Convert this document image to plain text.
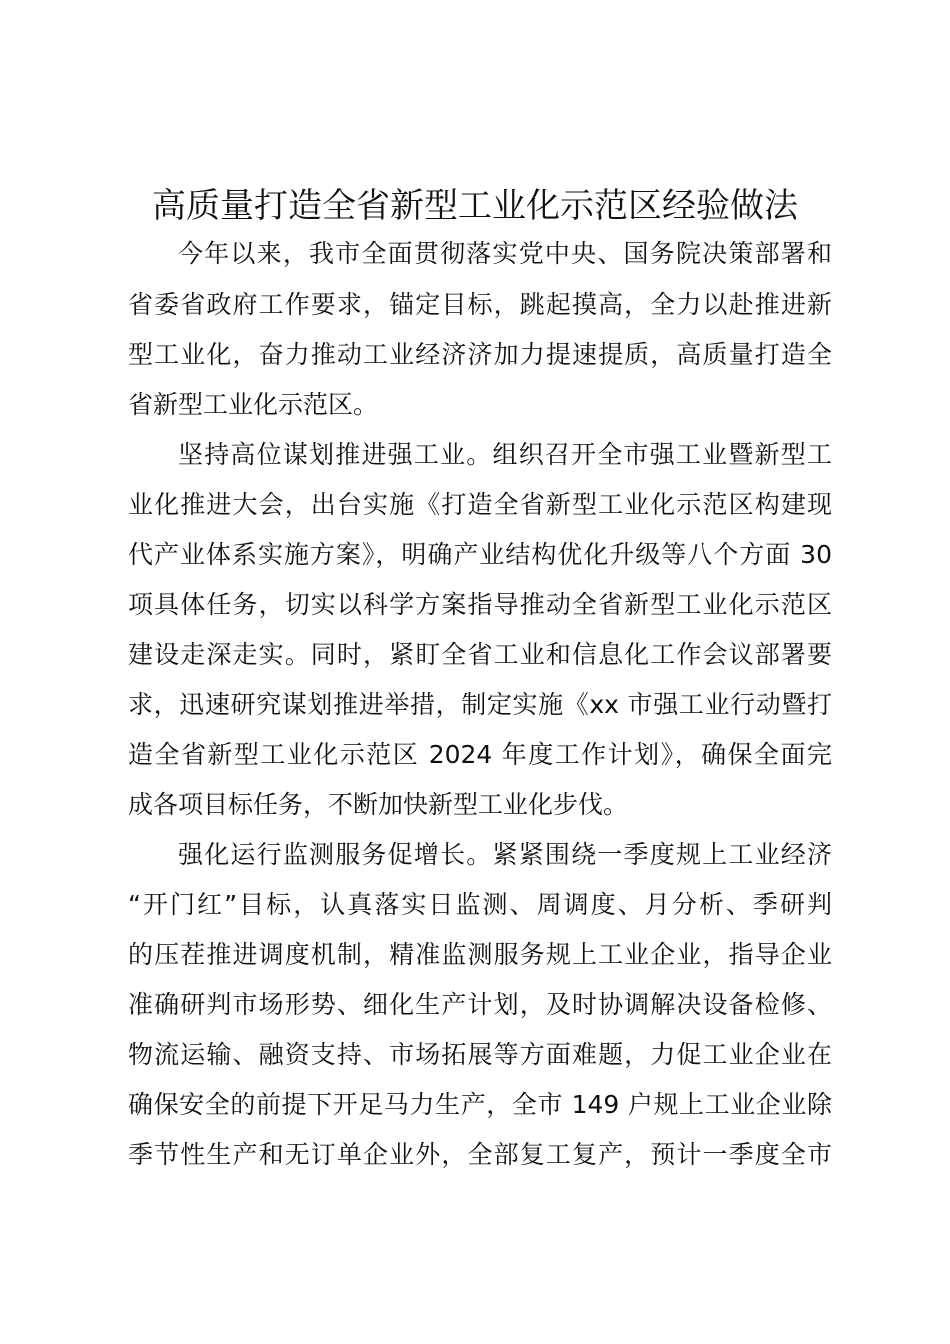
高质量打造全省新型工业化示范区经验做法

今年以来，我市全面贯彻落实党中央、国务院决策部署和

省委省政府工作要求，锚定目标，跳起摸高，全力以赴推进新

型工业化，奋力推动工业经济济加力提速提质，高质量打造全

省新型工业化示范区。

坚持高位谋划推进强工业。组织召开全市强工业暨新型工

业化推进大会，出台实施《打造全省新型工业化示范区构建现

代产业体系实施方案》，明确产业结构优化升级等八个方面 30

项具体任务，切实以科学方案指导推动全省新型工业化示范区

建设走深走实。同时，紧盯全省工业和信息化工作会议部署要

求，迅速研究谋划推进举措，制定实施《xx 市强工业行动暨打

造全省新型工业化示范区 2024 年度工作计划》，确保全面完

成各项目标任务，不断加快新型工业化步伐。

强化运行监测服务促增长。紧紧围绕一季度规上工业经济

“开门红”目标，认真落实日监测、周调度、月分析、季研判

的压茬推进调度机制，精准监测服务规上工业企业，指导企业

准确研判市场形势、细化生产计划，及时协调解决设备检修、

物流运输、融资支持、市场拓展等方面难题，力促工业企业在

确保安全的前提下开足马力生产，全市 149 户规上工业企业除

季节性生产和无订单企业外，全部复工复产，预计一季度全市
